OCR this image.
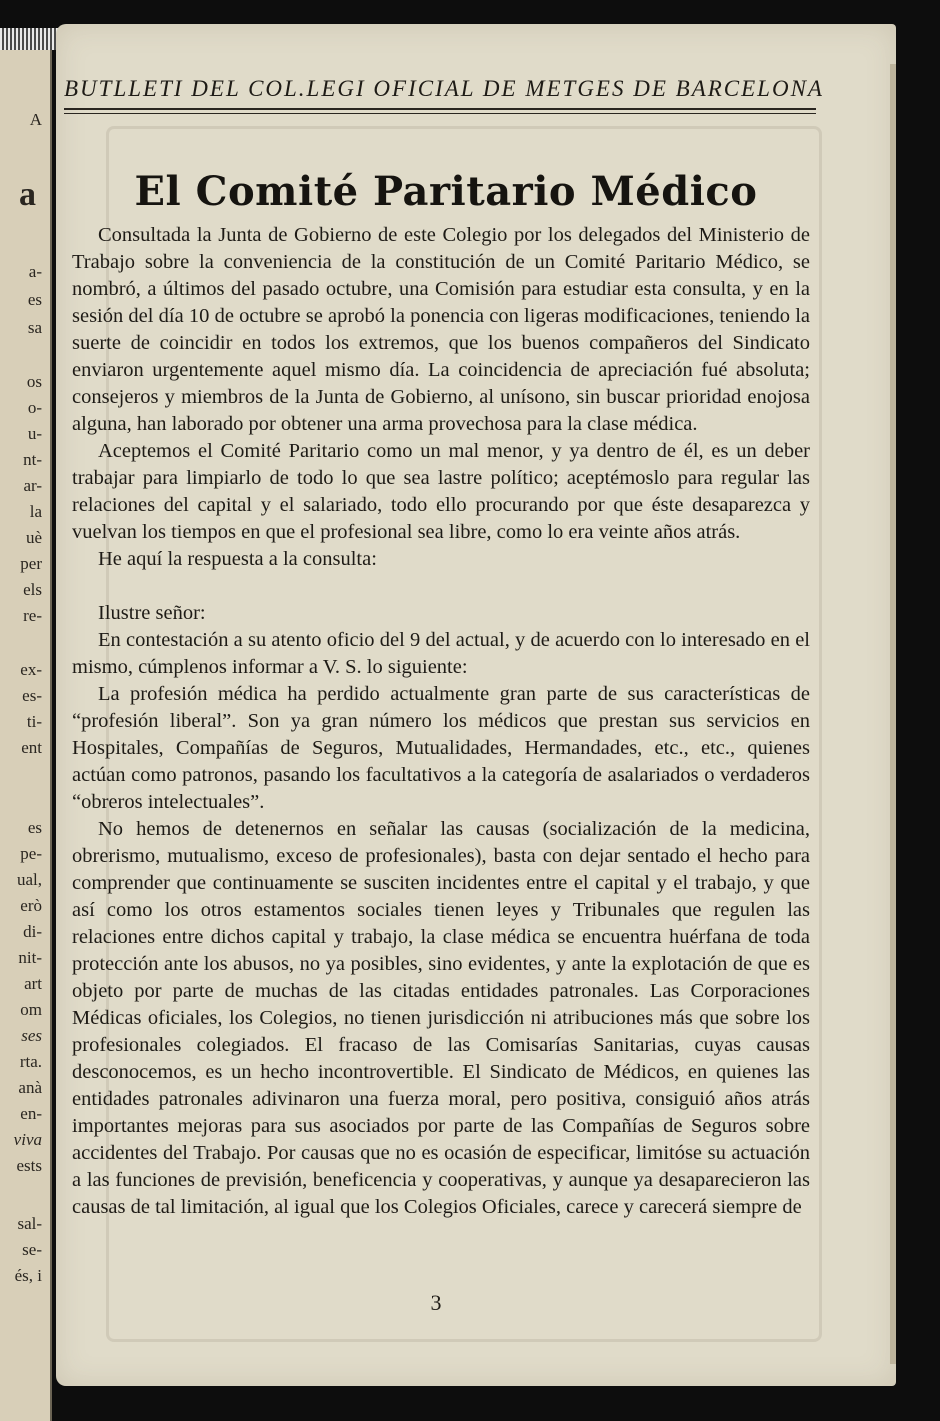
A

a

a-

es

sa

os

o-

u-

nt-

ar-

la

uè

per

els

re-

ex-

es-

ti-

ent

es

pe-

ual,

erò

di-

nit-

art

om

ses

rta.

anà

en-

viva

ests

sal-

se-

és, i

BUTLLETI DEL COL.LEGI OFICIAL DE METGES DE BARCELONA

El Comité Paritario Médico

Consultada la Junta de Gobierno de este Colegio por los delegados del Ministerio de Trabajo sobre la conveniencia de la constitución de un Comité Paritario Médico, se nombró, a últimos del pasado octubre, una Comisión para estudiar esta consulta, y en la sesión del día 10 de octubre se aprobó la ponencia con ligeras modificaciones, teniendo la suerte de coincidir en todos los extremos, que los buenos compañeros del Sindicato enviaron urgentemente aquel mismo día. La coincidencia de apreciación fué absoluta; consejeros y miembros de la Junta de Gobierno, al unísono, sin buscar prioridad enojosa alguna, han laborado por obtener una arma provechosa para la clase médica.

Aceptemos el Comité Paritario como un mal menor, y ya dentro de él, es un deber trabajar para limpiarlo de todo lo que sea lastre político; aceptémoslo para regular las relaciones del capital y el salariado, todo ello procurando por que éste desaparezca y vuelvan los tiempos en que el profesional sea libre, como lo era veinte años atrás.

He aquí la respuesta a la consulta:

Ilustre señor:

En contestación a su atento oficio del 9 del actual, y de acuerdo con lo interesado en el mismo, cúmplenos informar a V. S. lo siguiente:

La profesión médica ha perdido actualmente gran parte de sus características de “profesión liberal”. Son ya gran número los médicos que prestan sus servicios en Hospitales, Compañías de Seguros, Mutualidades, Hermandades, etc., etc., quienes actúan como patronos, pasando los facultativos a la categoría de asalariados o verdaderos “obreros intelectuales”.

No hemos de detenernos en señalar las causas (socialización de la medicina, obrerismo, mutualismo, exceso de profesionales), basta con dejar sentado el hecho para comprender que continuamente se susciten incidentes entre el capital y el trabajo, y que así como los otros estamentos sociales tienen leyes y Tribunales que regulen las relaciones entre dichos capital y trabajo, la clase médica se encuentra huérfana de toda protección ante los abusos, no ya posibles, sino evidentes, y ante la explotación de que es objeto por parte de muchas de las citadas entidades patronales. Las Corporaciones Médicas oficiales, los Colegios, no tienen jurisdicción ni atribuciones más que sobre los profesionales colegiados. El fracaso de las Comisarías Sanitarias, cuyas causas desconocemos, es un hecho incontrovertible. El Sindicato de Médicos, en quienes las entidades patronales adivinaron una fuerza moral, pero positiva, consiguió años atrás importantes mejoras para sus asociados por parte de las Compañías de Seguros sobre accidentes del Trabajo. Por causas que no es ocasión de especificar, limitóse su actuación a las funciones de previsión, beneficencia y cooperativas, y aunque ya desaparecieron las causas de tal limitación, al igual que los Colegios Oficiales, carece y carecerá siempre de

3
